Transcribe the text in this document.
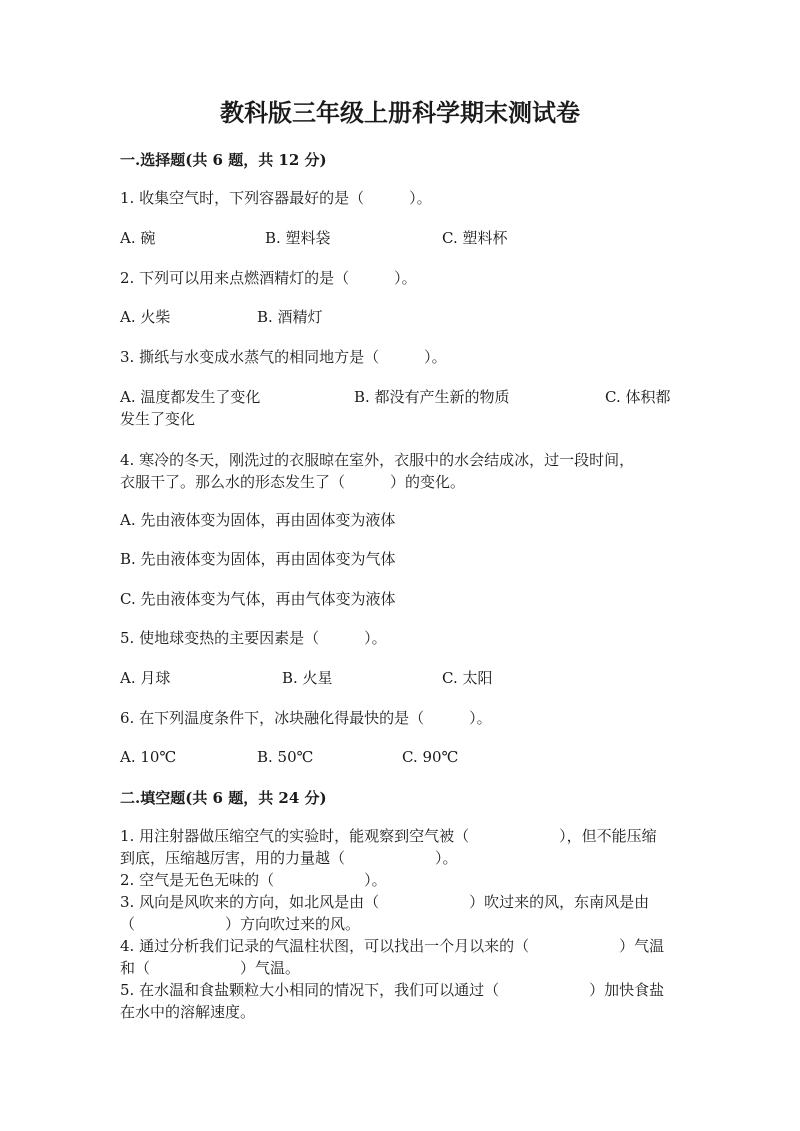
教科版三年级上册科学期末测试卷
一.选择题(共 6 题，共 12 分)
1. 收集空气时，下列容器最好的是（　　　）。
A. 碗	B. 塑料袋	C. 塑料杯
2. 下列可以用来点燃酒精灯的是（　　　）。
A. 火柴	B. 酒精灯
3. 撕纸与水变成水蒸气的相同地方是（　　　）。
A. 温度都发生了变化	B. 都没有产生新的物质	C. 体积都
发生了变化
4. 寒冷的冬天，刚洗过的衣服晾在室外，衣服中的水会结成冰，过一段时间，
衣服干了。那么水的形态发生了（　　　）的变化。
A. 先由液体变为固体，再由固体变为液体
B. 先由液体变为固体，再由固体变为气体
C. 先由液体变为气体，再由气体变为液体
5. 使地球变热的主要因素是（　　　）。
A. 月球	B. 火星	C. 太阳
6. 在下列温度条件下，冰块融化得最快的是（　　　）。
A. 10℃	B. 50℃	C. 90℃
二.填空题(共 6 题，共 24 分)
1. 用注射器做压缩空气的实验时，能观察到空气被（　　　　　　），但不能压缩
到底，压缩越厉害，用的力量越（　　　　　　）。
2. 空气是无色无味的（　　　　　　）。
3. 风向是风吹来的方向，如北风是由（　　　　　　）吹过来的风，东南风是由
（　　　　　　）方向吹过来的风。
4. 通过分析我们记录的气温柱状图，可以找出一个月以来的（　　　　　　）气温
和（　　　　　　）气温。
5. 在水温和食盐颗粒大小相同的情况下，我们可以通过（　　　　　　）加快食盐
在水中的溶解速度。
